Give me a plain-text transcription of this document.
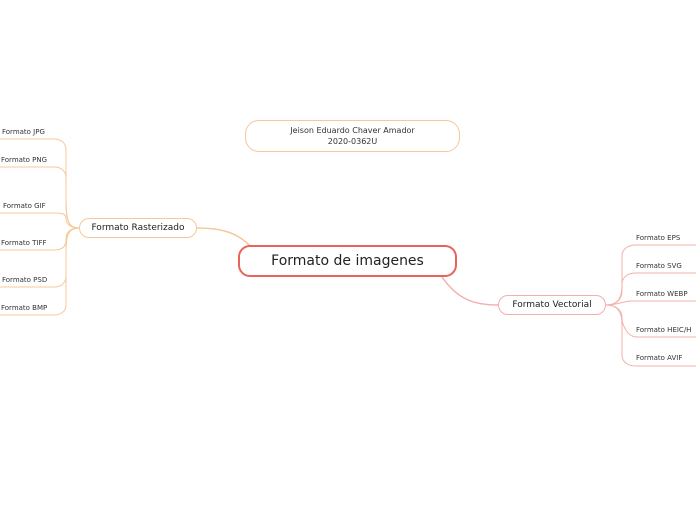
Jeison Eduardo Chaver Amador
2020-0362U
Formato de imagenes
Formato Rasterizado
Formato Vectorial
Formato JPG
Formato PNG
Formato GIF
Formato TIFF
Formato PSD
Formato BMP
Formato EPS
Formato SVG
Formato WEBP
Formato HEIC/H
Formato AVIF
